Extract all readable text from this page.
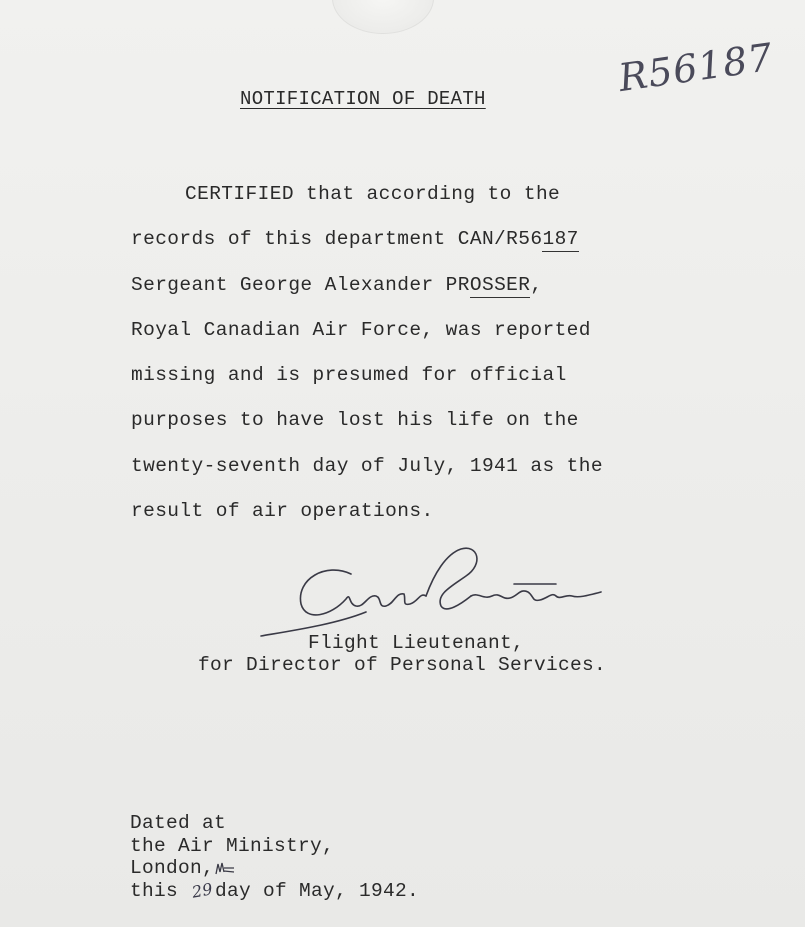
NOTIFICATION OF DEATH	R56187

CERTIFIED that according to the

records of this department CAN/R56187

Sergeant George Alexander PROSSER,

Royal Canadian Air Force, was reported

missing and is presumed for official

purposes to have lost his life on the

twenty-seventh day of July, 1941 as the

result of air operations.

Flight Lieutenant,
for Director of Personal Services.
Dated at
the Air Ministry,
London,
this 29day of May, 1942.
